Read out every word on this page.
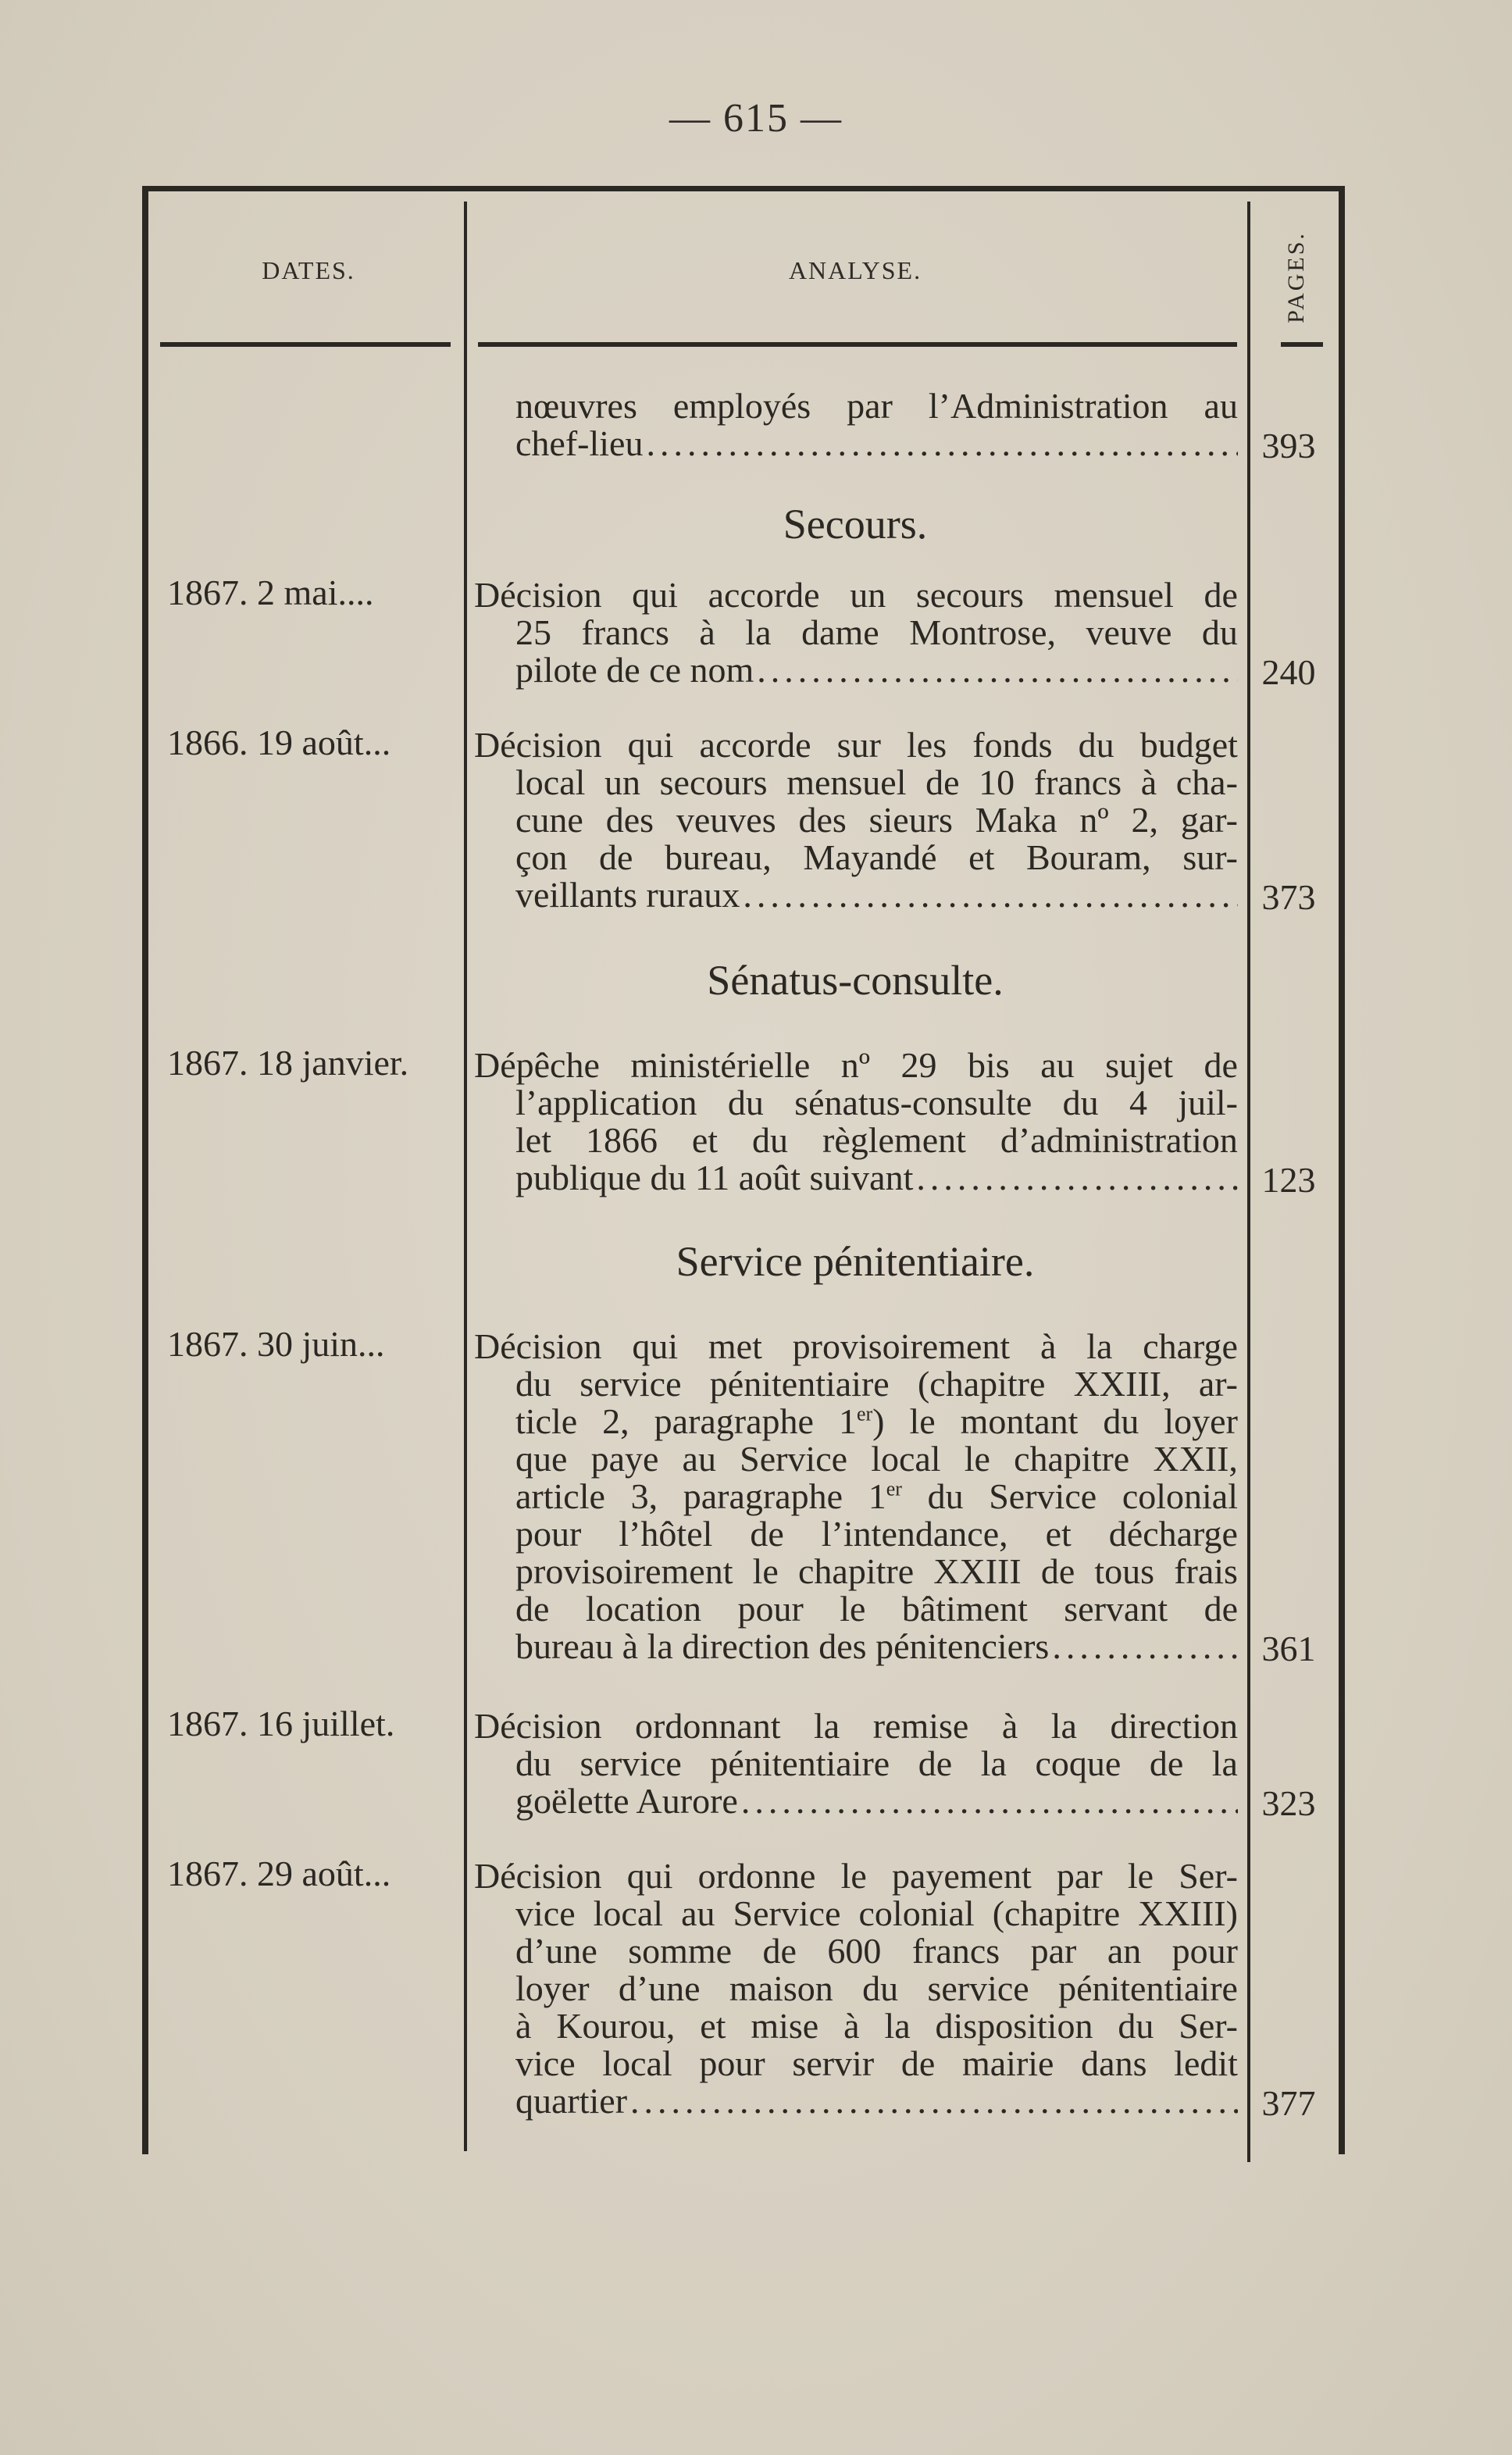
— 615 —
DATES.	ANALYSE.	PAGES.
nœuvres employés par l’Administration au
chef-lieu .....	393
Secours.
1867. 2 mai....	Décision qui accorde un secours mensuel de
25 francs à la dame Montrose, veuve du
pilote de ce nom .....	240
1866. 19 août...	Décision qui accorde sur les fonds du budget
local un secours mensuel de 10 francs à cha-
cune des veuves des sieurs Maka nº 2, gar-
çon de bureau, Mayandé et Bouram, sur-
veillants ruraux .....	373
Sénatus-consulte.
1867. 18 janvier.	Dépêche ministérielle nº 29 bis au sujet de
l’application du sénatus-consulte du 4 juil-
let 1866 et du règlement d’administration
publique du 11 août suivant .....	123
Service pénitentiaire.
1867. 30 juin...	Décision qui met provisoirement à la charge
du service pénitentiaire (chapitre XXIII, ar-
ticle 2, paragraphe 1er) le montant du loyer
que paye au Service local le chapitre XXII,
article 3, paragraphe 1er du Service colonial
pour l’hôtel de l’intendance, et décharge
provisoirement le chapitre XXIII de tous frais
de location pour le bâtiment servant de
bureau à la direction des pénitenciers .....	361
1867. 16 juillet.	Décision ordonnant la remise à la direction
du service pénitentiaire de la coque de la
goëlette Aurore .....	323
1867. 29 août...	Décision qui ordonne le payement par le Ser-
vice local au Service colonial (chapitre XXIII)
d’une somme de 600 francs par an pour
loyer d’une maison du service pénitentiaire
à Kourou, et mise à la disposition du Ser-
vice local pour servir de mairie dans ledit
quartier .....	377
